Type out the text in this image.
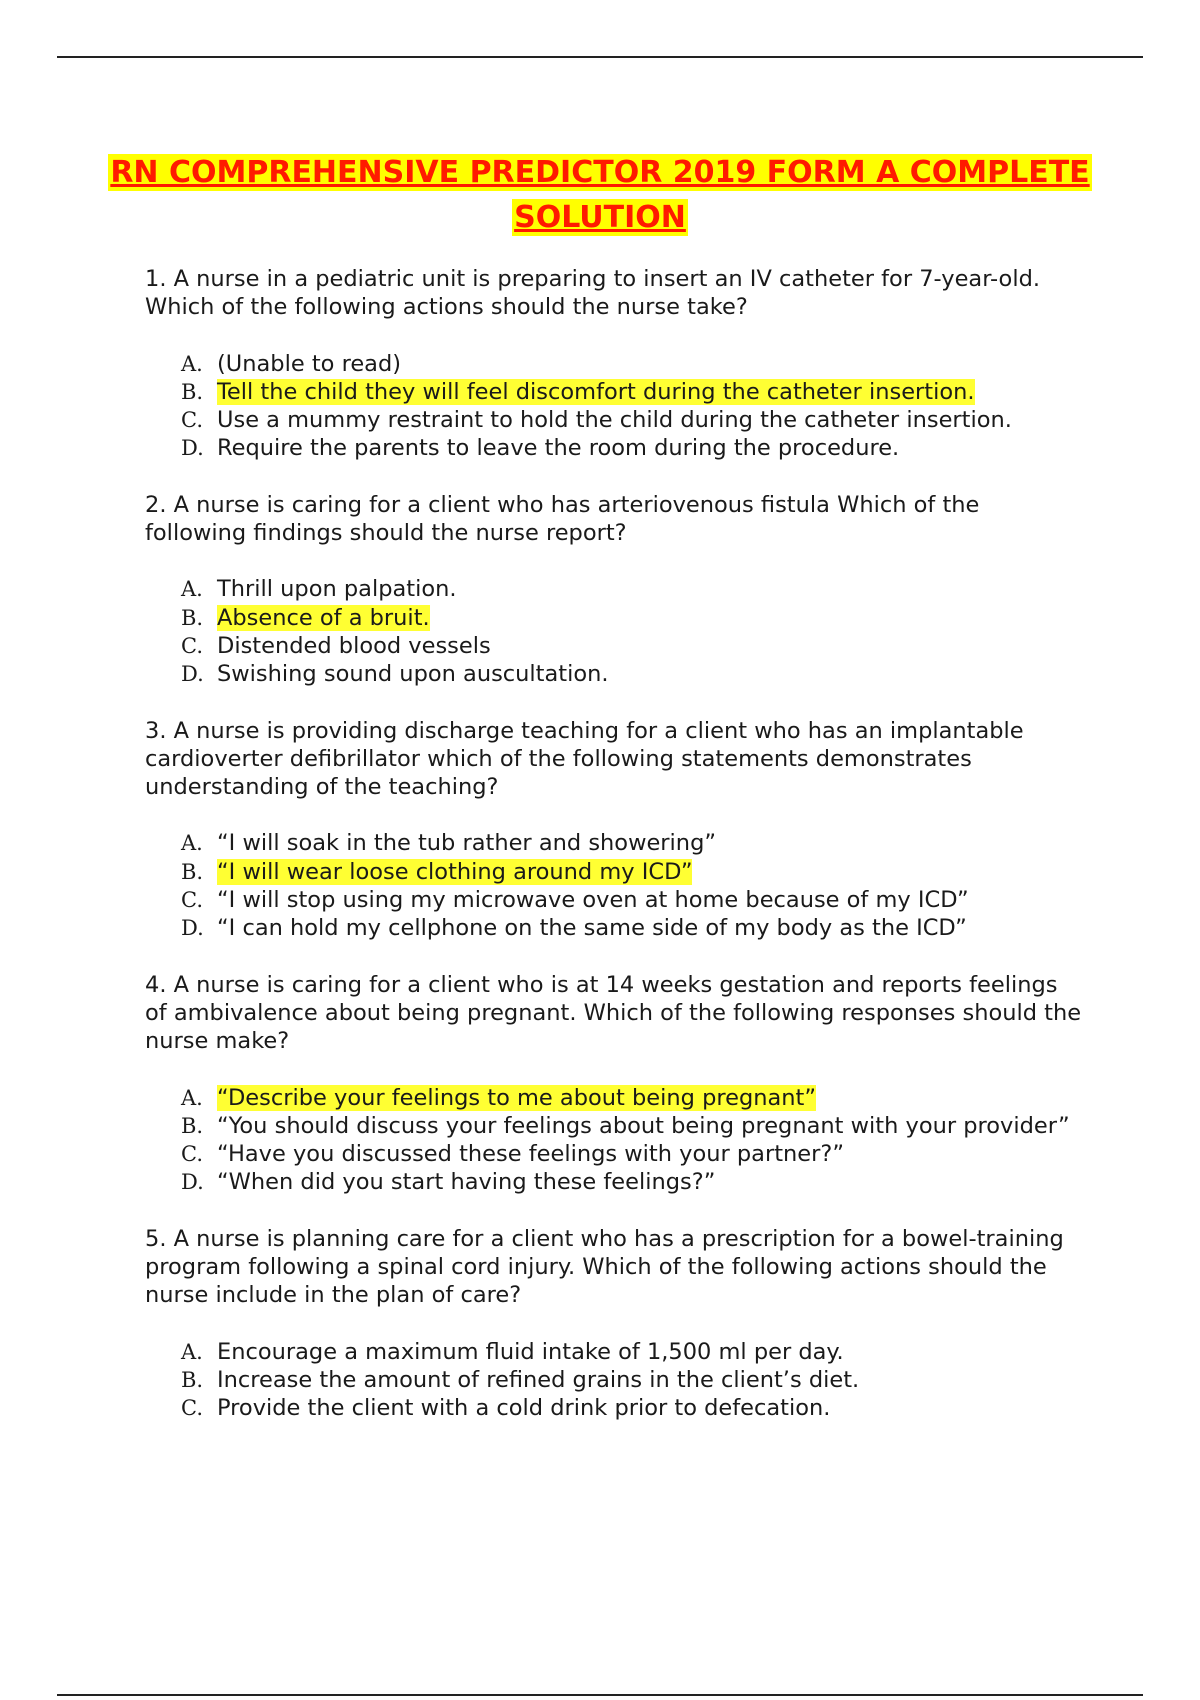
RN COMPREHENSIVE PREDICTOR 2019 FORM A COMPLETE
SOLUTION
1. A nurse in a pediatric unit is preparing to insert an IV catheter for 7-year-old. Which of the following actions should the nurse take?
A. (Unable to read)
B. Tell the child they will feel discomfort during the catheter insertion.
C. Use a mummy restraint to hold the child during the catheter insertion.
D. Require the parents to leave the room during the procedure.
2. A nurse is caring for a client who has arteriovenous fistula Which of the following findings should the nurse report?
A. Thrill upon palpation.
B. Absence of a bruit.
C. Distended blood vessels
D. Swishing sound upon auscultation.
3. A nurse is providing discharge teaching for a client who has an implantable cardioverter defibrillator which of the following statements demonstrates understanding of the teaching?
A. “I will soak in the tub rather and showering”
B. “I will wear loose clothing around my ICD”
C. “I will stop using my microwave oven at home because of my ICD”
D. “I can hold my cellphone on the same side of my body as the ICD”
4. A nurse is caring for a client who is at 14 weeks gestation and reports feelings of ambivalence about being pregnant. Which of the following responses should the nurse make?
A. “Describe your feelings to me about being pregnant”
B. “You should discuss your feelings about being pregnant with your provider”
C. “Have you discussed these feelings with your partner?”
D. “When did you start having these feelings?”
5. A nurse is planning care for a client who has a prescription for a bowel-training program following a spinal cord injury. Which of the following actions should the nurse include in the plan of care?
A. Encourage a maximum fluid intake of 1,500 ml per day.
B. Increase the amount of refined grains in the client’s diet.
C. Provide the client with a cold drink prior to defecation.
